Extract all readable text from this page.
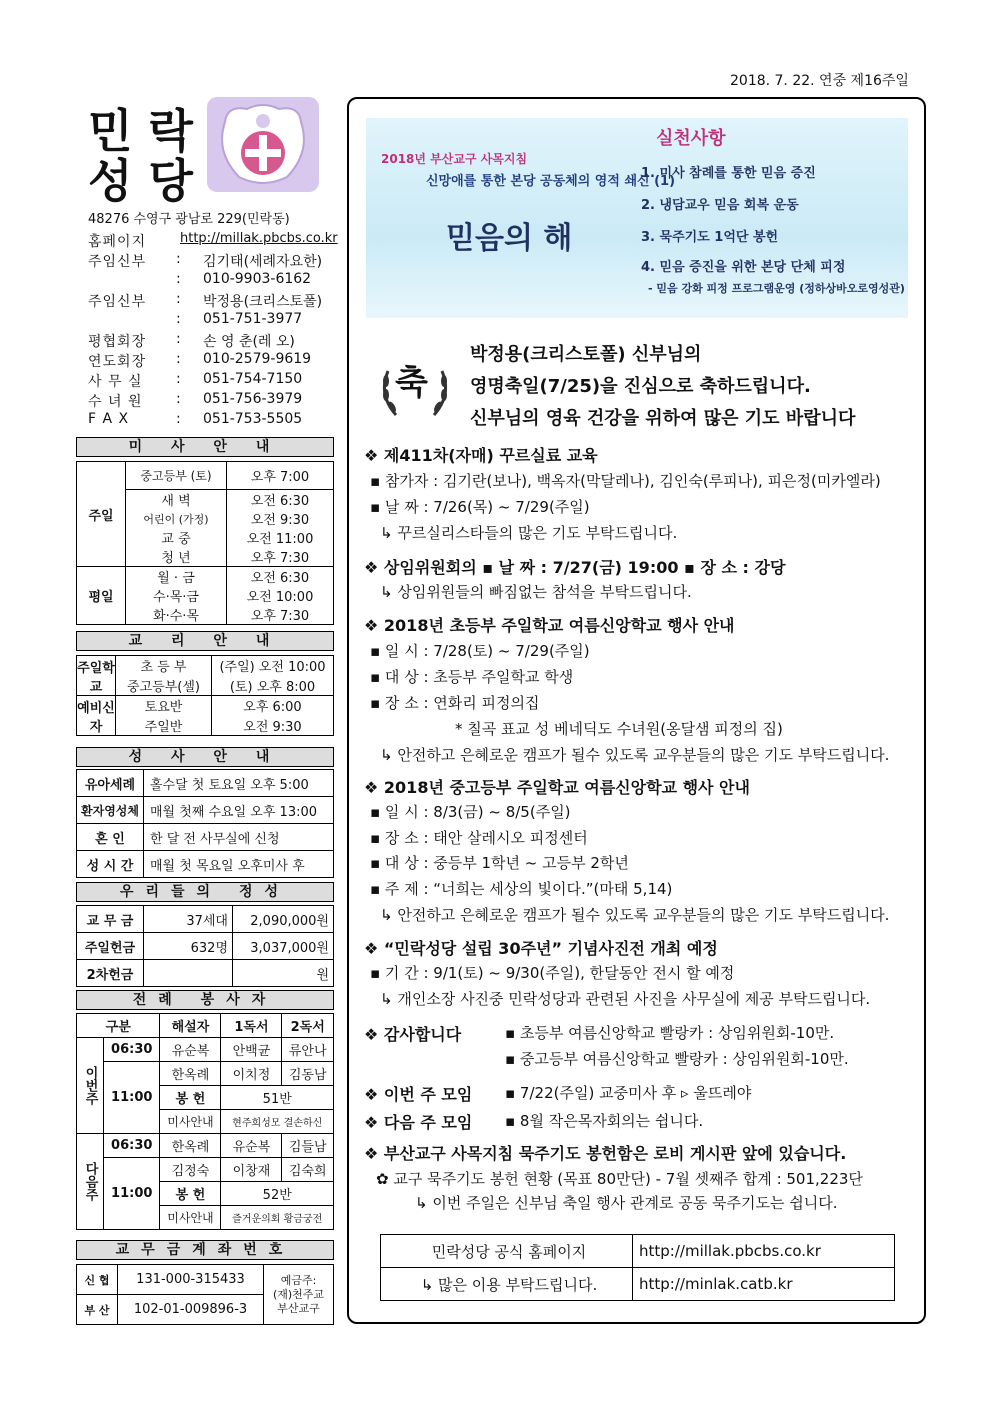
2018. 7. 22. 연중 제16주일
민 락
성 당
48276 수영구 광남로 229(민락동)
홈페이지	http://millak.pbcbs.co.kr
주임신부	: 김기태(세례자요한)
: 010-9903-6162
주임신부	: 박정용(크리스토폴)
: 051-751-3977
평협회장	: 손 영 춘(레 오)
연도회장	: 010-2579-9619
사 무 실	: 051-754-7150
수 녀 원	: 051-756-3979
F A X	: 051-753-5505
미 사 안 내
주일	중고등부 (토)	오후 7:00
	새 벽	오전 6:30
	어린이 (가정)	오전 9:30
	교 중	오전 11:00
	청 년	오후 7:30
평일	월 · 금	오전 6:30
	수·목·금	오전 10:00
	화·수·목	오후 7:30
교 리 안 내
주일학교	초 등 부	(주일) 오전 10:00
	중고등부(셀)	(토) 오후 8:00
예비신자	토요반	오후 6:00
	주일반	오전 9:30
성 사 안 내
유아세례	홀수달 첫 토요일 오후 5:00
환자영성체	매월 첫째 수요일 오후 13:00
혼 인	한 달 전 사무실에 신청
성 시 간	매월 첫 목요일 오후미사 후
우리들의 정성
교 무 금	37세대	2,090,000원
주일헌금	632명	3,037,000원
2차헌금		원
전례 봉사자
구분		해설자	1독서	2독서
이번주	06:30	유순복	안백균	류안나
	11:00	한옥례	이치정	김동남
		봉 헌	51반	
		미사안내	현주희성모 결손하신	
다음주	06:30	한옥례	유순복	김들남
	11:00	김정숙	이창재	김숙희
		봉 헌	52반	
		미사안내	즐거운의회 황금궁전	
교무금계좌번호
신 협	131-000-315433	예금주:
(재)천주교
부산교구

부 산	102-01-009896-3	
2018년 부산교구 사목지침
신망애를 통한 본당 공동체의 영적 쇄신 (1)
믿음의 해
실천사항
1. 미사 참례를 통한 믿음 증진
2. 냉담교우 믿음 회복 운동
3. 묵주기도 1억단 봉헌
4. 믿음 증진을 위한 본당 단체 피정
- 믿음 강화 피정 프로그램운영 (정하상바오로영성관)
축
박정용(크리스토폴) 신부님의
영명축일(7/25)을 진심으로 축하드립니다.
신부님의 영육 건강을 위하여 많은 기도 바랍니다
❖ 제411차(자매) 꾸르실료 교육
▪ 참가자 : 김기란(보나), 백옥자(막달레나), 김인숙(루피나), 피은정(미카엘라)
▪ 날 짜 : 7/26(목) ~ 7/29(주일)
↳ 꾸르실리스타들의 많은 기도 부탁드립니다.
❖ 상임위원회의 ▪ 날 짜 : 7/27(금) 19:00 ▪ 장 소 : 강당
↳ 상임위원들의 빠짐없는 참석을 부탁드립니다.
❖ 2018년 초등부 주일학교 여름신앙학교 행사 안내
▪ 일 시 : 7/28(토) ~ 7/29(주일)
▪ 대 상 : 초등부 주일학교 학생
▪ 장 소 : 연화리 피정의집
* 칠곡 표교 성 베네딕도 수녀원(옹달샘 피정의 집)
↳ 안전하고 은혜로운 캠프가 될수 있도록 교우분들의 많은 기도 부탁드립니다.
❖ 2018년 중고등부 주일학교 여름신앙학교 행사 안내
▪ 일 시 : 8/3(금) ~ 8/5(주일)
▪ 장 소 : 태안 살레시오 피정센터
▪ 대 상 : 중등부 1학년 ~ 고등부 2학년
▪ 주 제 : “너희는 세상의 빛이다.”(마태 5,14)
↳ 안전하고 은혜로운 캠프가 될수 있도록 교우분들의 많은 기도 부탁드립니다.
❖ “민락성당 설립 30주년” 기념사진전 개최 예정
▪ 기 간 : 9/1(토) ~ 9/30(주일), 한달동안 전시 할 예정
↳ 개인소장 사진중 민락성당과 관련된 사진을 사무실에 제공 부탁드립니다.
❖ 감사합니다	▪ 초등부 여름신앙학교 빨랑카 : 상임위원회-10만.
▪ 중고등부 여름신앙학교 빨랑카 : 상임위원회-10만.
❖ 이번 주 모임 ▪ 7/22(주일) 교중미사 후 ▹ 울뜨레야
❖ 다음 주 모임 ▪ 8월 작은목자회의는 쉽니다.
❖ 부산교구 사목지침 묵주기도 봉헌함은 로비 게시판 앞에 있습니다.
✿ 교구 묵주기도 봉헌 현황 (목표 80만단) - 7월 셋째주 합계 : 501,223단
↳ 이번 주일은 신부님 축일 행사 관계로 공동 묵주기도는 쉽니다.
민락성당 공식 홈페이지	http://millak.pbcbs.co.kr
↳ 많은 이용 부탁드립니다.	http://minlak.catb.kr
